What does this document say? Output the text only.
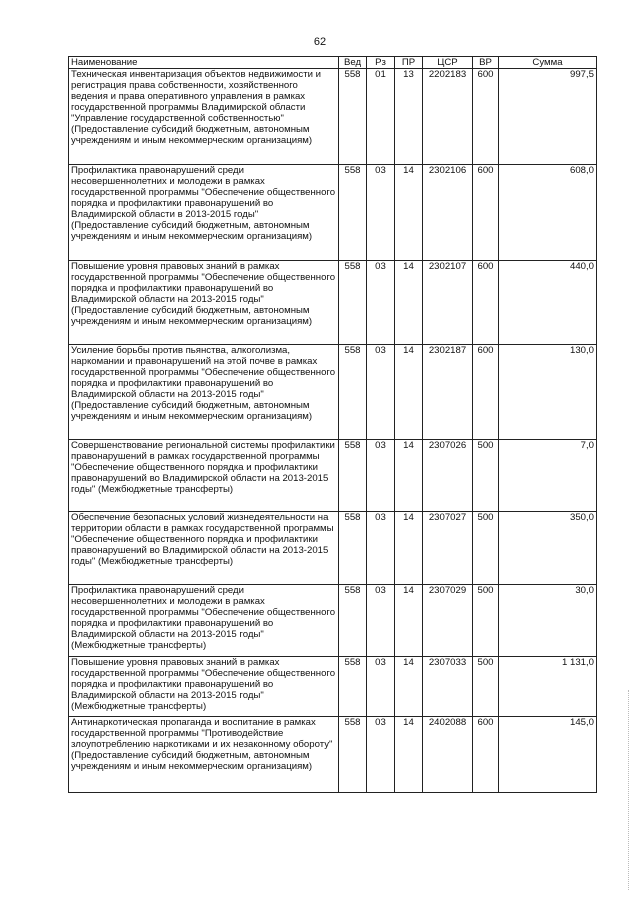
62
Наименование	Вед	Рз	ПР	ЦСР	ВР	Сумма
Техническая инвентаризация объектов недвижимости и регистрация права собственности, хозяйственного ведения и права оперативного управления в рамках государственной программы Владимирской области "Управление государственной собственностью" (Предоставление субсидий бюджетным, автономным учреждениям и иным некоммерческим организациям)	558	01	13	2202183	600	997,5
Профилактика правонарушений среди несовершеннолетних и молодежи в рамках государственной программы "Обеспечение общественного порядка и профилактики правонарушений во Владимирской области в 2013-2015 годы" (Предоставление субсидий бюджетным, автономным учреждениям и иным некоммерческим организациям)	558	03	14	2302106	600	608,0
Повышение уровня правовых знаний в рамках государственной программы "Обеспечение общественного порядка и профилактики правонарушений во Владимирской области на 2013-2015 годы" (Предоставление субсидий бюджетным, автономным учреждениям и иным некоммерческим организациям)	558	03	14	2302107	600	440,0
Усиление борьбы против пьянства, алкоголизма, наркомании и правонарушений на этой почве в рамках государственной программы "Обеспечение общественного порядка и профилактики правонарушений во Владимирской области на 2013-2015 годы" (Предоставление субсидий бюджетным, автономным учреждениям и иным некоммерческим организациям)	558	03	14	2302187	600	130,0
Совершенствование региональной системы профилактики правонарушений в рамках государственной программы "Обеспечение общественного порядка и профилактики правонарушений во Владимирской области на 2013-2015 годы" (Межбюджетные трансферты)	558	03	14	2307026	500	7,0
Обеспечение безопасных условий жизнедеятельности на территории области в рамках государственной программы "Обеспечение общественного порядка и профилактики правонарушений во Владимирской области на 2013-2015 годы" (Межбюджетные трансферты)	558	03	14	2307027	500	350,0
Профилактика правонарушений среди несовершеннолетних и молодежи в рамках государственной программы "Обеспечение общественного порядка и профилактики правонарушений во Владимирской области на 2013-2015 годы" (Межбюджетные трансферты)	558	03	14	2307029	500	30,0
Повышение уровня правовых знаний в рамках государственной программы "Обеспечение общественного порядка и профилактики правонарушений во Владимирской области на 2013-2015 годы" (Межбюджетные трансферты)	558	03	14	2307033	500	1 131,0
Антинаркотическая пропаганда и воспитание в рамках государственной программы "Противодействие злоупотреблению наркотиками и их незаконному обороту" (Предоставление субсидий бюджетным, автономным учреждениям и иным некоммерческим организациям)	558	03	14	2402088	600	145,0
